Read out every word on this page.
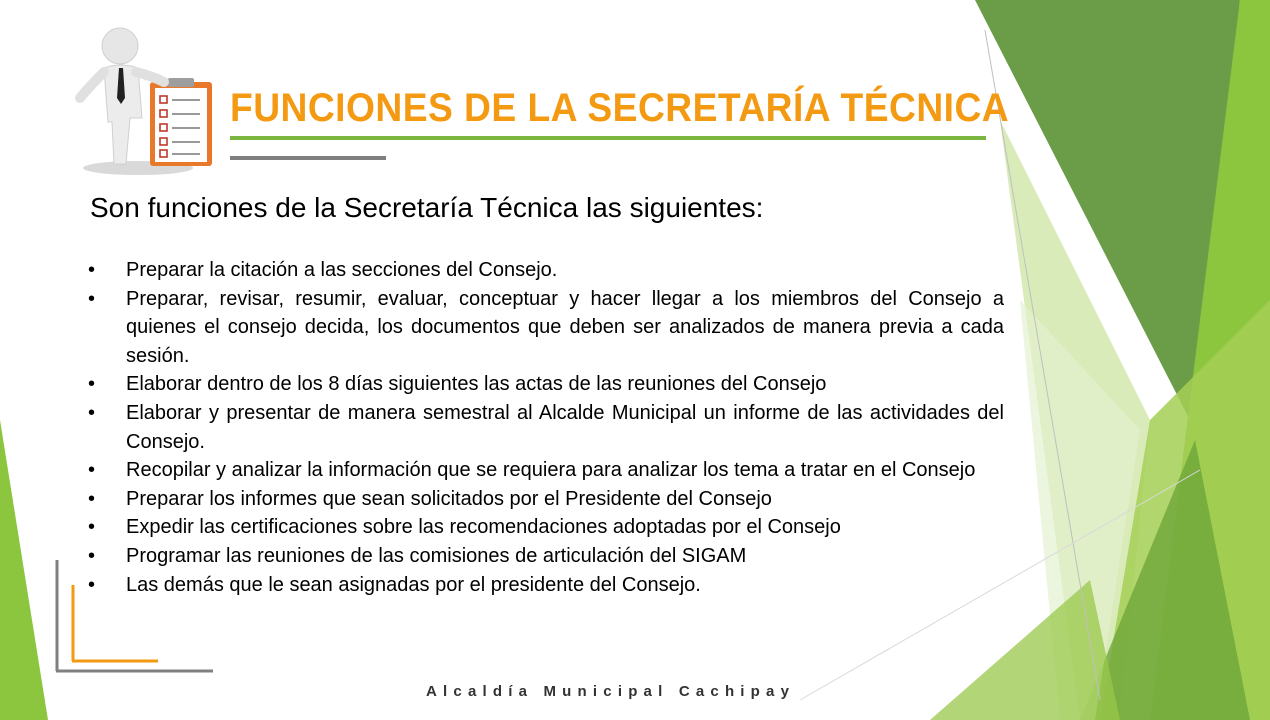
FUNCIONES DE LA SECRETARÍA TÉCNICA
Son funciones de la Secretaría Técnica las siguientes:
• Preparar la citación a las secciones del Consejo.
• Preparar, revisar, resumir, evaluar, conceptuar y hacer llegar a los miembros del Consejo a quienes el consejo decida, los documentos que deben ser analizados de manera previa a cada sesión.
• Elaborar dentro de los 8 días siguientes las actas de las reuniones del Consejo
• Elaborar y presentar de manera semestral al Alcalde Municipal un informe de las actividades del Consejo.
• Recopilar y analizar la información que se requiera para analizar los tema a tratar en el Consejo
• Preparar los informes que sean solicitados por el Presidente del Consejo
• Expedir las certificaciones sobre las recomendaciones adoptadas por el Consejo
• Programar las reuniones de las comisiones de articulación del SIGAM
• Las demás que le sean asignadas por el presidente del Consejo.
Alcaldía Municipal Cachipay
